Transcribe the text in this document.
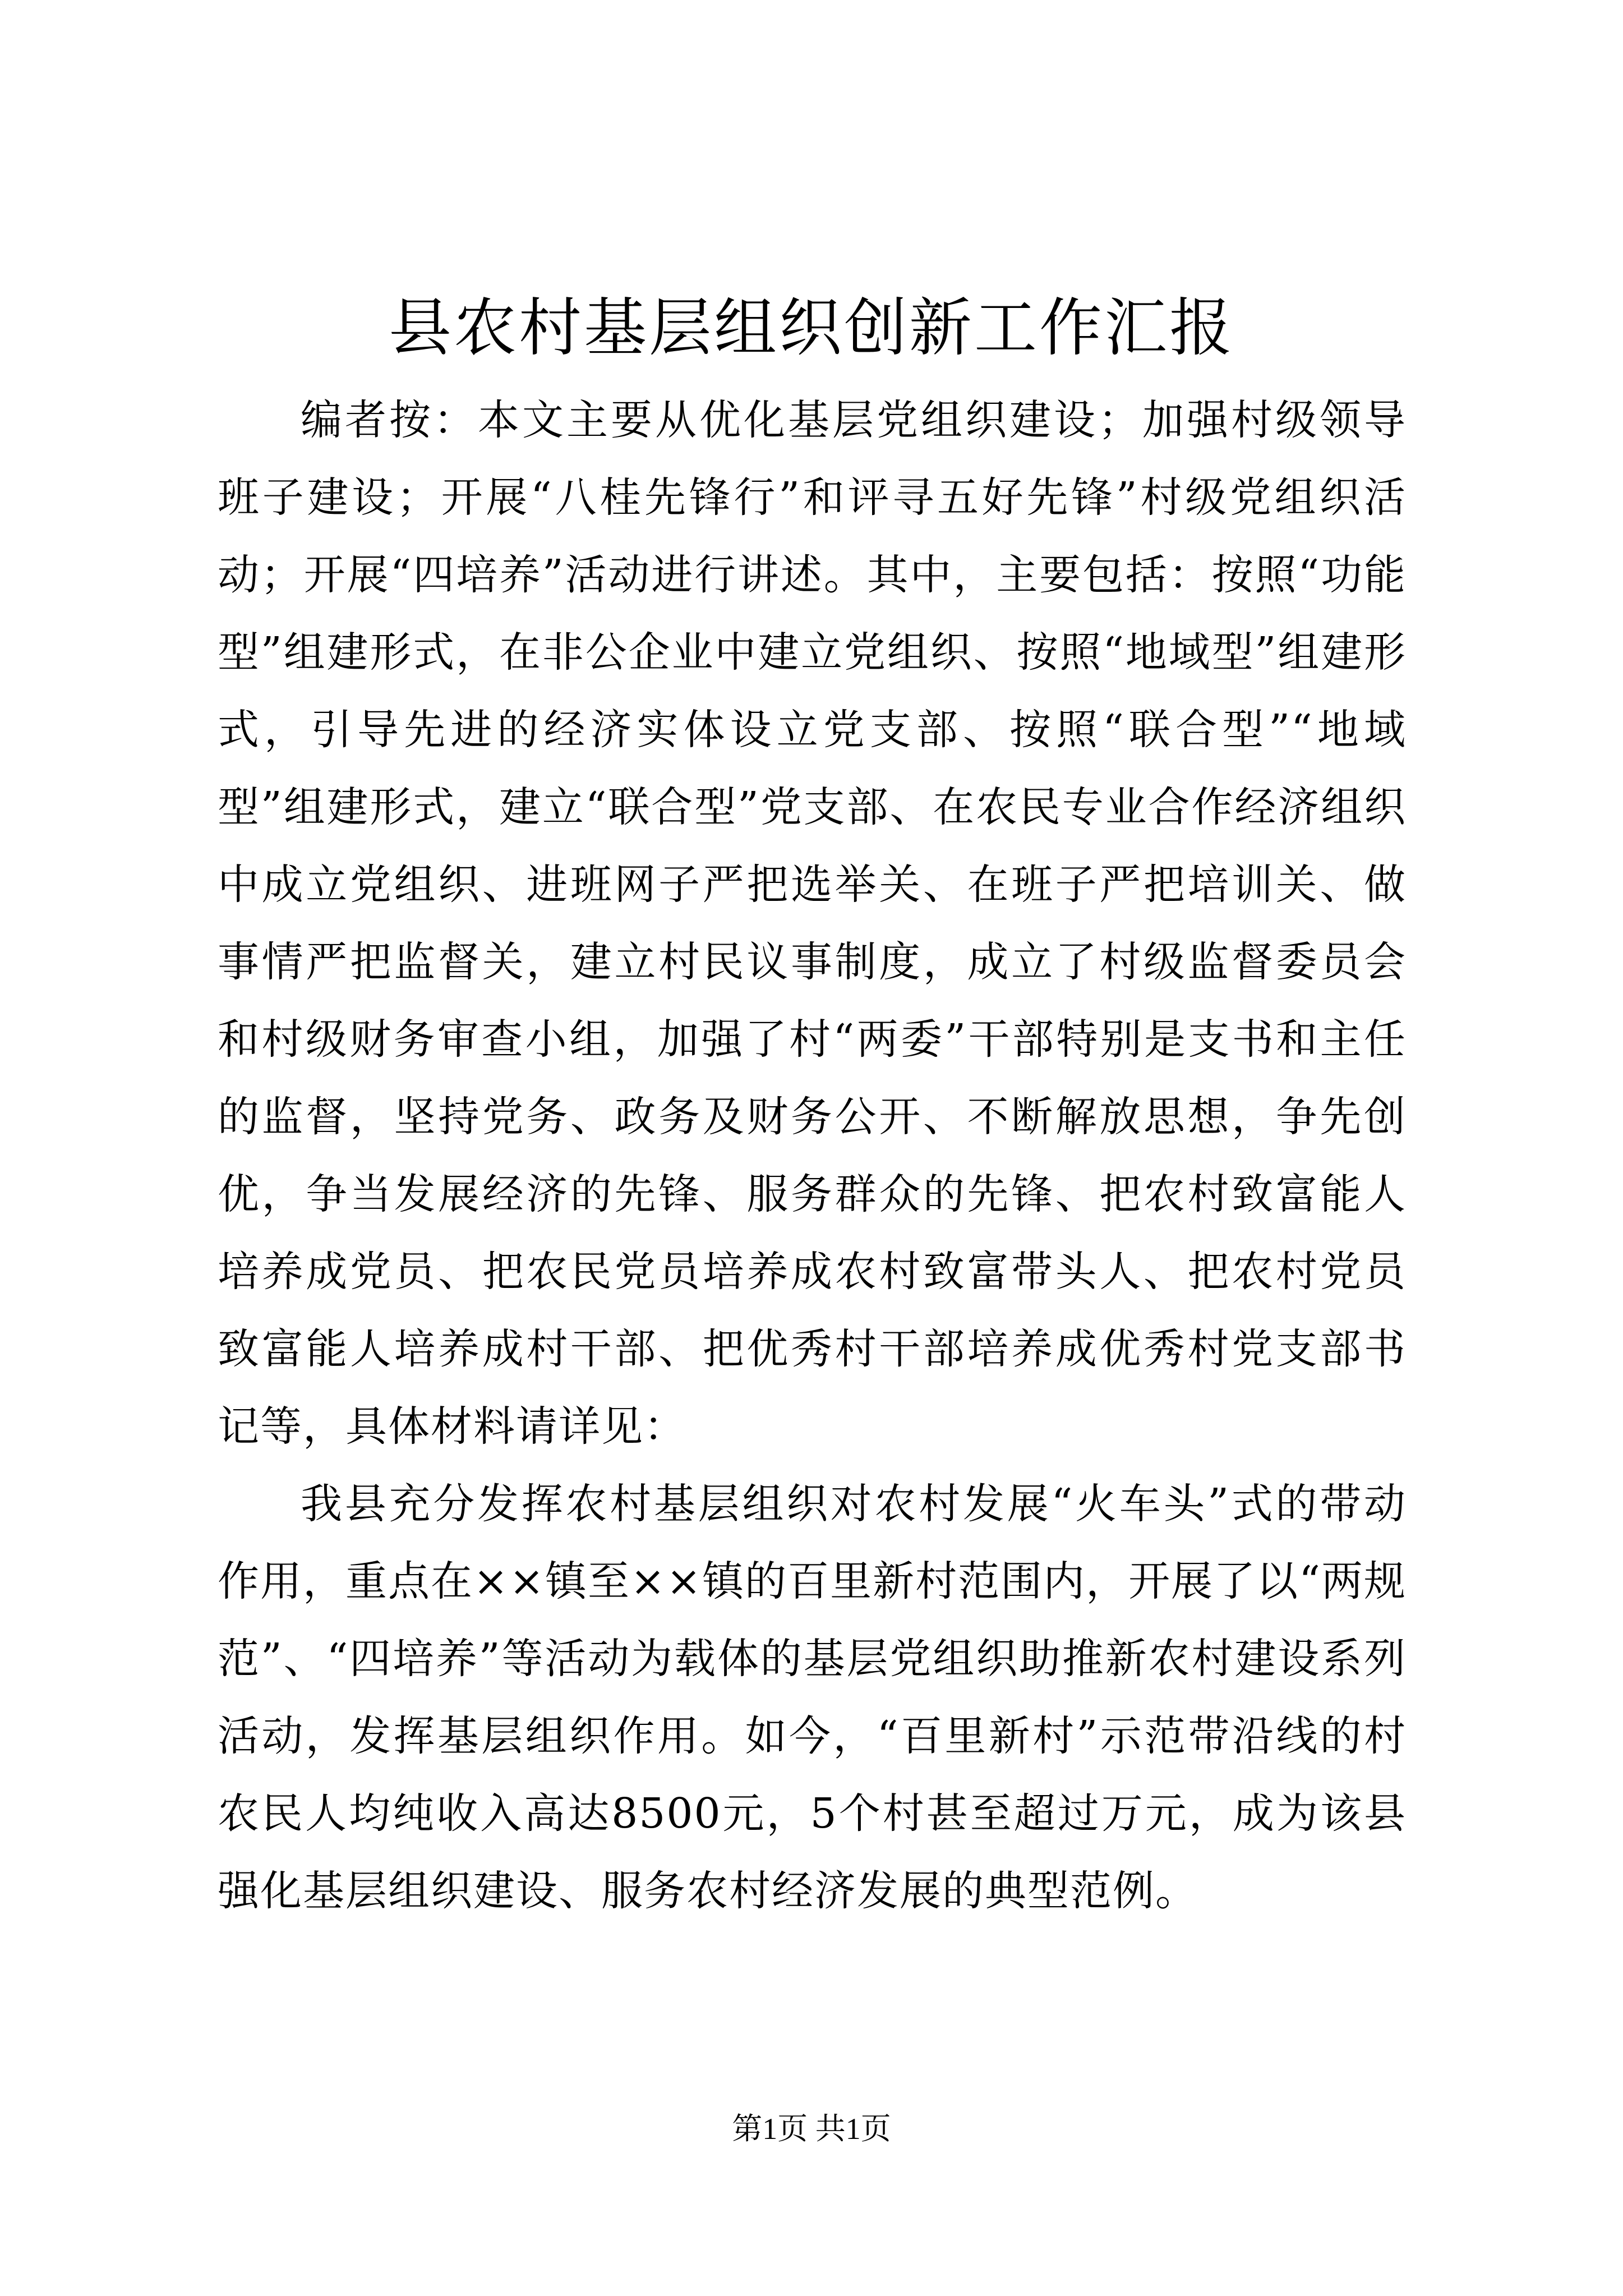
县农村基层组织创新工作汇报

编者按：本文主要从优化基层党组织建设；加强村级领导班子建设；开展“八桂先锋行”和评寻五好先锋”村级党组织活动；开展“四培养”活动进行讲述。其中，主要包括：按照“功能型”组建形式，在非公企业中建立党组织、按照“地域型”组建形式，引导先进的经济实体设立党支部、按照“联合型”“地域型”组建形式，建立“联合型”党支部、在农民专业合作经济组织中成立党组织、进班网子严把选举关、在班子严把培训关、做事情严把监督关，建立村民议事制度，成立了村级监督委员会和村级财务审查小组，加强了村“两委”干部特别是支书和主任的监督，坚持党务、政务及财务公开、不断解放思想，争先创优，争当发展经济的先锋、服务群众的先锋、把农村致富能人培养成党员、把农民党员培养成农村致富带头人、把农村党员致富能人培养成村干部、把优秀村干部培养成优秀村党支部书记等，具体材料请详见：

我县充分发挥农村基层组织对农村发展“火车头”式的带动作用，重点在××镇至××镇的百里新村范围内，开展了以“两规范”、“四培养”等活动为载体的基层党组织助推新农村建设系列活动，发挥基层组织作用。如今，“百里新村”示范带沿线的村农民人均纯收入高达8500元，5个村甚至超过万元，成为该县强化基层组织建设、服务农村经济发展的典型范例。

第1页 共1页
